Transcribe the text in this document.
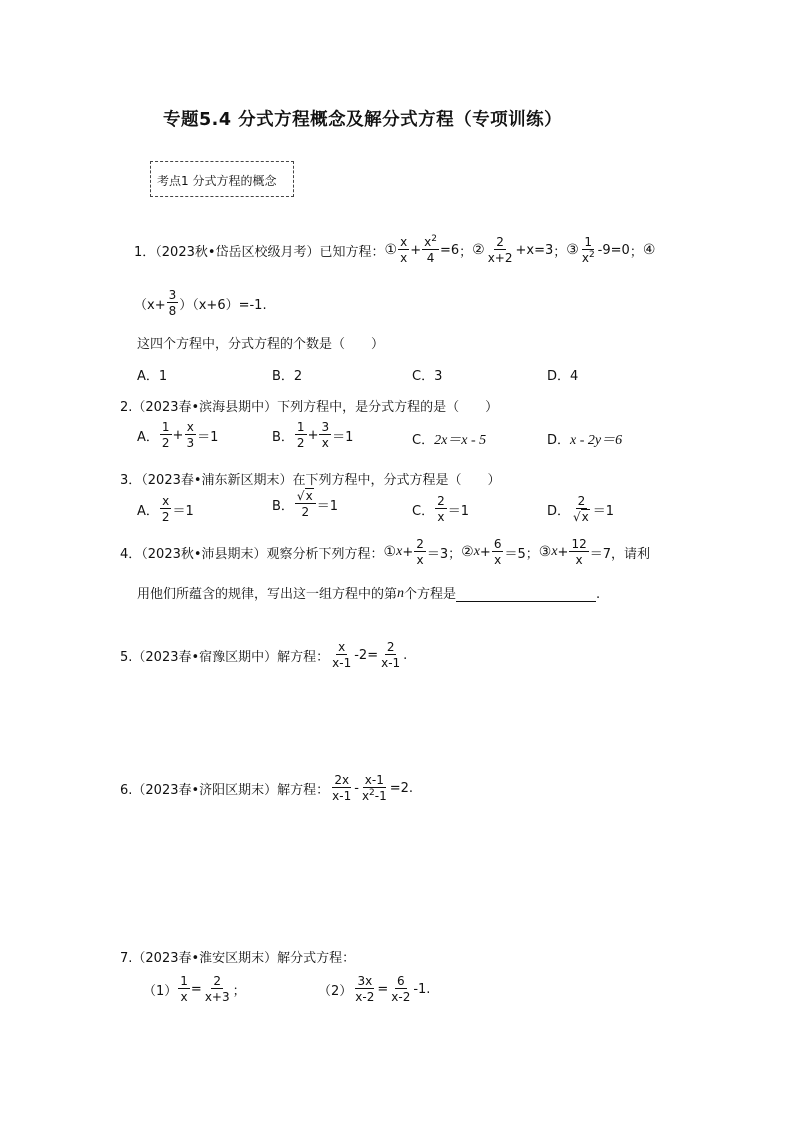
专题5.4 分式方程概念及解分式方程（专项训练）
考点1 分式方程的概念
1．（2023秋•岱岳区校级月考）已知方程： ① $\frac{x}{x} + \frac{x^2}{4} =6$ ； ② $\frac{2}{x+2} +x=3$ ； ③ $\frac{1}{x^2} -9=0$ ； ④
$(x+ \frac{3}{8} )(x+6)=-1$.
这四个方程中，分式方程的个数是（　　）
A．1	B．2	C．3	D．4
2.（2023春•滨海县期中）下列方程中，是分式方程的是（　　）
A． $\frac{1}{2} + \frac{x}{3} =1$	B． $\frac{1}{2} + \frac{3}{x} =1$	C．2x＝x - 5	D．x - 2y＝6
3．（2023春•浦东新区期末）在下列方程中，分式方程是（　　）
A． $\frac{x}{2} =1$	B． $\frac{√x}{2} =1$	C． $\frac{2}{x} =1$	D． $\frac{2}{√x} =1$
4．（2023秋•沛县期末）观察分析下列方程： ① $x + \frac{2}{x} =3$； ② $x + \frac{6}{x} =5$； ③ $x + \frac{12}{x} =7$ ，请利
用他们所蕴含的规律，写出这一组方程中的第 n 个方程是	.
5.（2023春•宿豫区期中）解方程： $\frac{x}{x-1} -2= \frac{2}{x-1}$ .
6.（2023春•济阳区期末）解方程： $\frac{2x}{x-1} - \frac{x-1}{x^2-1} =2$.
7.（2023春•淮安区期末）解分式方程：
$(1) \frac{1}{x} = \frac{2}{x+3}$ ；	$(2) \frac{3x}{x-2} = \frac{6}{x-2} -1$.
